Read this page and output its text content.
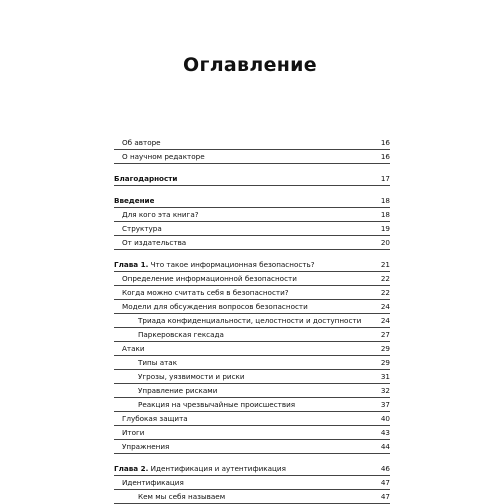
Оглавление
Об авторе	16
О научном редакторе	16
Благодарности	17
Введение	18
Для кого эта книга?	18
Структура	19
От издательства	20
Глава 1. Что такое информационная безопасность?	21
Определение информационной безопасности	22
Когда можно считать себя в безопасности?	22
Модели для обсуждения вопросов безопасности	24
Триада конфиденциальности, целостности и доступности	24
Паркеровская гексада	27
Атаки	29
Типы атак	29
Угрозы, уязвимости и риски	31
Управление рисками	32
Реакция на чрезвычайные происшествия	37
Глубокая защита	40
Итоги	43
Упражнения	44
Глава 2. Идентификация и аутентификация	46
Идентификация	47
Кем мы себя называем	47
